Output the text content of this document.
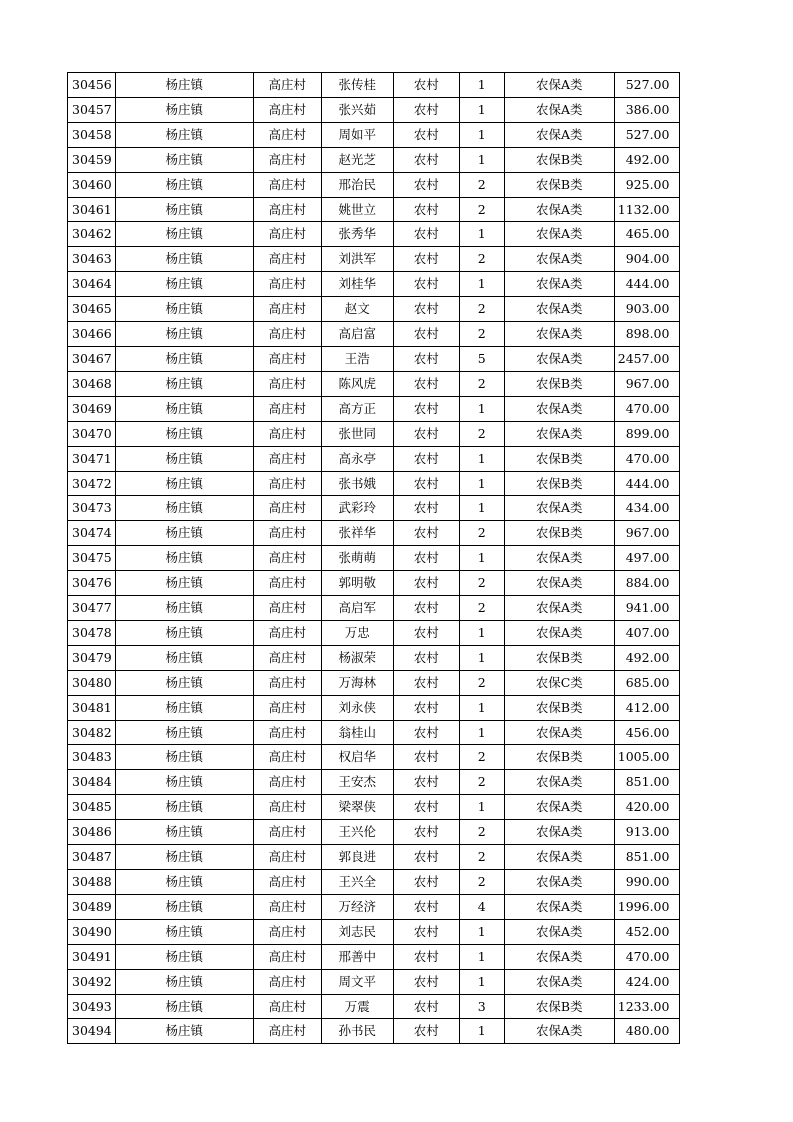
30456	杨庄镇	高庄村	张传桂	农村	1	农保A类	527.00
30457	杨庄镇	高庄村	张兴茹	农村	1	农保A类	386.00
30458	杨庄镇	高庄村	周如平	农村	1	农保A类	527.00
30459	杨庄镇	高庄村	赵光芝	农村	1	农保B类	492.00
30460	杨庄镇	高庄村	邢治民	农村	2	农保B类	925.00
30461	杨庄镇	高庄村	姚世立	农村	2	农保A类	1132.00
30462	杨庄镇	高庄村	张秀华	农村	1	农保A类	465.00
30463	杨庄镇	高庄村	刘洪军	农村	2	农保A类	904.00
30464	杨庄镇	高庄村	刘桂华	农村	1	农保A类	444.00
30465	杨庄镇	高庄村	赵文	农村	2	农保A类	903.00
30466	杨庄镇	高庄村	高启富	农村	2	农保A类	898.00
30467	杨庄镇	高庄村	王浩	农村	5	农保A类	2457.00
30468	杨庄镇	高庄村	陈风虎	农村	2	农保B类	967.00
30469	杨庄镇	高庄村	高方正	农村	1	农保A类	470.00
30470	杨庄镇	高庄村	张世同	农村	2	农保A类	899.00
30471	杨庄镇	高庄村	高永亭	农村	1	农保B类	470.00
30472	杨庄镇	高庄村	张书娥	农村	1	农保B类	444.00
30473	杨庄镇	高庄村	武彩玲	农村	1	农保A类	434.00
30474	杨庄镇	高庄村	张祥华	农村	2	农保B类	967.00
30475	杨庄镇	高庄村	张萌萌	农村	1	农保A类	497.00
30476	杨庄镇	高庄村	郭明敬	农村	2	农保A类	884.00
30477	杨庄镇	高庄村	高启军	农村	2	农保A类	941.00
30478	杨庄镇	高庄村	万忠	农村	1	农保A类	407.00
30479	杨庄镇	高庄村	杨淑荣	农村	1	农保B类	492.00
30480	杨庄镇	高庄村	万海林	农村	2	农保C类	685.00
30481	杨庄镇	高庄村	刘永侠	农村	1	农保B类	412.00
30482	杨庄镇	高庄村	翁桂山	农村	1	农保A类	456.00
30483	杨庄镇	高庄村	权启华	农村	2	农保B类	1005.00
30484	杨庄镇	高庄村	王安杰	农村	2	农保A类	851.00
30485	杨庄镇	高庄村	梁翠侠	农村	1	农保A类	420.00
30486	杨庄镇	高庄村	王兴伦	农村	2	农保A类	913.00
30487	杨庄镇	高庄村	郭良进	农村	2	农保A类	851.00
30488	杨庄镇	高庄村	王兴全	农村	2	农保A类	990.00
30489	杨庄镇	高庄村	万经济	农村	4	农保A类	1996.00
30490	杨庄镇	高庄村	刘志民	农村	1	农保A类	452.00
30491	杨庄镇	高庄村	邢善中	农村	1	农保A类	470.00
30492	杨庄镇	高庄村	周文平	农村	1	农保A类	424.00
30493	杨庄镇	高庄村	万震	农村	3	农保B类	1233.00
30494	杨庄镇	高庄村	孙书民	农村	1	农保A类	480.00
